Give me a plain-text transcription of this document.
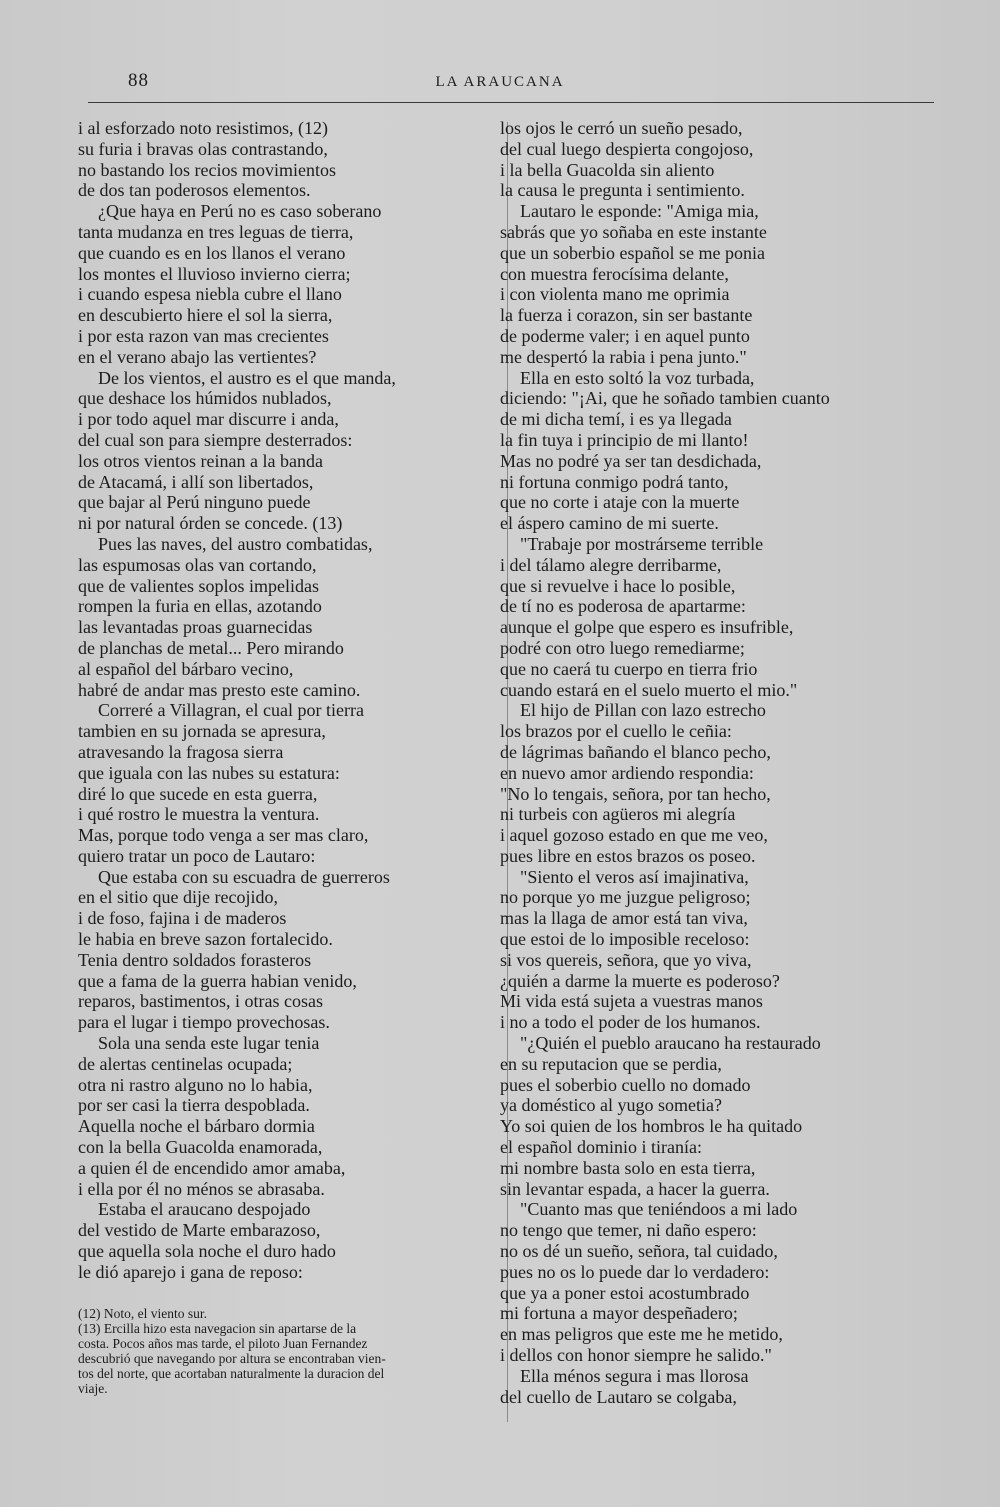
88	LA ARAUCANA
i al esforzado noto resistimos, (12)
su furia i bravas olas contrastando,
no bastando los recios movimientos
de dos tan poderosos elementos.
¿Que haya en Perú no es caso soberano
tanta mudanza en tres leguas de tierra,
que cuando es en los llanos el verano
los montes el lluvioso invierno cierra;
i cuando espesa niebla cubre el llano
en descubierto hiere el sol la sierra,
i por esta razon van mas crecientes
en el verano abajo las vertientes?
De los vientos, el austro es el que manda,
que deshace los húmidos nublados,
i por todo aquel mar discurre i anda,
del cual son para siempre desterrados:
los otros vientos reinan a la banda
de Atacamá, i allí son libertados,
que bajar al Perú ninguno puede
ni por natural órden se concede. (13)
Pues las naves, del austro combatidas,
las espumosas olas van cortando,
que de valientes soplos impelidas
rompen la furia en ellas, azotando
las levantadas proas guarnecidas
de planchas de metal... Pero mirando
al español del bárbaro vecino,
habré de andar mas presto este camino.
Correré a Villagran, el cual por tierra
tambien en su jornada se apresura,
atravesando la fragosa sierra
que iguala con las nubes su estatura:
diré lo que sucede en esta guerra,
i qué rostro le muestra la ventura.
Mas, porque todo venga a ser mas claro,
quiero tratar un poco de Lautaro:
Que estaba con su escuadra de guerreros
en el sitio que dije recojido,
i de foso, fajina i de maderos
le habia en breve sazon fortalecido.
Tenia dentro soldados forasteros
que a fama de la guerra habian venido,
reparos, bastimentos, i otras cosas
para el lugar i tiempo provechosas.
Sola una senda este lugar tenia
de alertas centinelas ocupada;
otra ni rastro alguno no lo habia,
por ser casi la tierra despoblada.
Aquella noche el bárbaro dormia
con la bella Guacolda enamorada,
a quien él de encendido amor amaba,
i ella por él no ménos se abrasaba.
Estaba el araucano despojado
del vestido de Marte embarazoso,
que aquella sola noche el duro hado
le dió aparejo i gana de reposo:
los ojos le cerró un sueño pesado,
del cual luego despierta congojoso,
i la bella Guacolda sin aliento
la causa le pregunta i sentimiento.
Lautaro le esponde: "Amiga mia,
sabrás que yo soñaba en este instante
que un soberbio español se me ponia
con muestra ferocísima delante,
i con violenta mano me oprimia
la fuerza i corazon, sin ser bastante
de poderme valer; i en aquel punto
me despertó la rabia i pena junto."
Ella en esto soltó la voz turbada,
diciendo: "¡Ai, que he soñado tambien cuanto
de mi dicha temí, i es ya llegada
la fin tuya i principio de mi llanto!
Mas no podré ya ser tan desdichada,
ni fortuna conmigo podrá tanto,
que no corte i ataje con la muerte
el áspero camino de mi suerte.
"Trabaje por mostrárseme terrible
i del tálamo alegre derribarme,
que si revuelve i hace lo posible,
de tí no es poderosa de apartarme:
aunque el golpe que espero es insufrible,
podré con otro luego remediarme;
que no caerá tu cuerpo en tierra frio
cuando estará en el suelo muerto el mio."
El hijo de Pillan con lazo estrecho
los brazos por el cuello le ceñia:
de lágrimas bañando el blanco pecho,
en nuevo amor ardiendo respondia:
"No lo tengais, señora, por tan hecho,
ni turbeis con agüeros mi alegría
i aquel gozoso estado en que me veo,
pues libre en estos brazos os poseo.
"Siento el veros así imajinativa,
no porque yo me juzgue peligroso;
mas la llaga de amor está tan viva,
que estoi de lo imposible receloso:
si vos quereis, señora, que yo viva,
¿quién a darme la muerte es poderoso?
Mi vida está sujeta a vuestras manos
i no a todo el poder de los humanos.
"¿Quién el pueblo araucano ha restaurado
en su reputacion que se perdia,
pues el soberbio cuello no domado
ya doméstico al yugo sometia?
Yo soi quien de los hombros le ha quitado
el español dominio i tiranía:
mi nombre basta solo en esta tierra,
sin levantar espada, a hacer la guerra.
"Cuanto mas que teniéndoos a mi lado
no tengo que temer, ni daño espero:
no os dé un sueño, señora, tal cuidado,
pues no os lo puede dar lo verdadero:
que ya a poner estoi acostumbrado
mi fortuna a mayor despeñadero;
en mas peligros que este me he metido,
i dellos con honor siempre he salido."
Ella ménos segura i mas llorosa
del cuello de Lautaro se colgaba,
(12) Noto, el viento sur.
(13) Ercilla hizo esta navegacion sin apartarse de la
costa. Pocos años mas tarde, el piloto Juan Fernandez
descubrió que navegando por altura se encontraban vien-
tos del norte, que acortaban naturalmente la duracion del
viaje.
